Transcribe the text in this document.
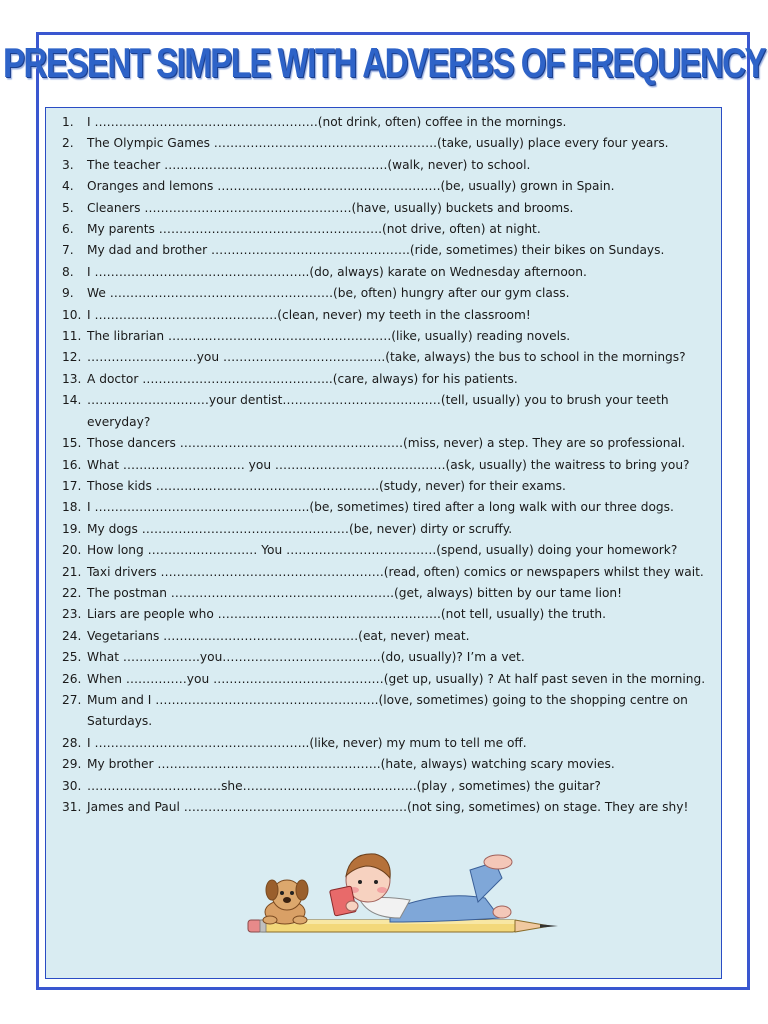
PRESENT SIMPLE WITH ADVERBS OF FREQUENCY
1. I ……………………………………………….(not drink, often) coffee in the mornings.
2. The Olympic Games ……………………………………………….(take, usually) place every four years.
3. The teacher ……………………………………………….(walk, never) to school.
4. Oranges and lemons ……………………………………………….(be, usually) grown in Spain.
5. Cleaners ……………………………………………(have, usually) buckets and brooms.
6. My parents ……………………………………………….(not drive, often) at night.
7. My dad and brother ………………………………………….(ride, sometimes) their bikes on Sundays.
8. I ……………………………………………..(do, always) karate on Wednesday afternoon.
9. We ……………………………………………….(be, often) hungry after our gym class.
10. I ………………………………………(clean, never) my teeth in the classroom!
11. The librarian ……………………………………………….(like, usually) reading novels.
12. ………………………you ………………………………….(take, always) the bus to school in the mornings?
13. A doctor ………………………………………..(care, always) for his patients.
14. …………………………your dentist…………………………………(tell, usually) you to brush your teeth
everyday?
15. Those dancers ……………………………………………….(miss, never) a step. They are so professional.
16. What ………………………… you ……………………………………(ask, usually) the waitress to bring you?
17. Those kids ……………………………………………….(study, never) for their exams.
18. I ……………………………………………..(be, sometimes) tired after a long walk with our three dogs.
19. My dogs ……………………………………………(be, never) dirty or scruffy.
20. How long ……………………… You ……………………………….(spend, usually) doing your homework?
21. Taxi drivers ……………………………………………….(read, often) comics or newspapers whilst they wait.
22. The postman ……………………………………………….(get, always) bitten by our tame lion!
23. Liars are people who ……………………………………………….(not tell, usually) the truth.
24. Vegetarians …………………………………………(eat, never) meat.
25. What ……………….you…………………………………(do, usually)? I’m a vet.
26. When ……………you ……………………………………(get up, usually) ? At half past seven in the morning.
27. Mum and I ……………………………………………….(love, sometimes) going to the shopping centre on
Saturdays.
28. I ……………………………………………..(like, never) my mum to tell me off.
29. My brother ……………………………………………….(hate, always) watching scary movies.
30. ……………………………she…………………………..………..(play , sometimes) the guitar?
31. James and Paul ……………………………………………….(not sing, sometimes) on stage. They are shy!
